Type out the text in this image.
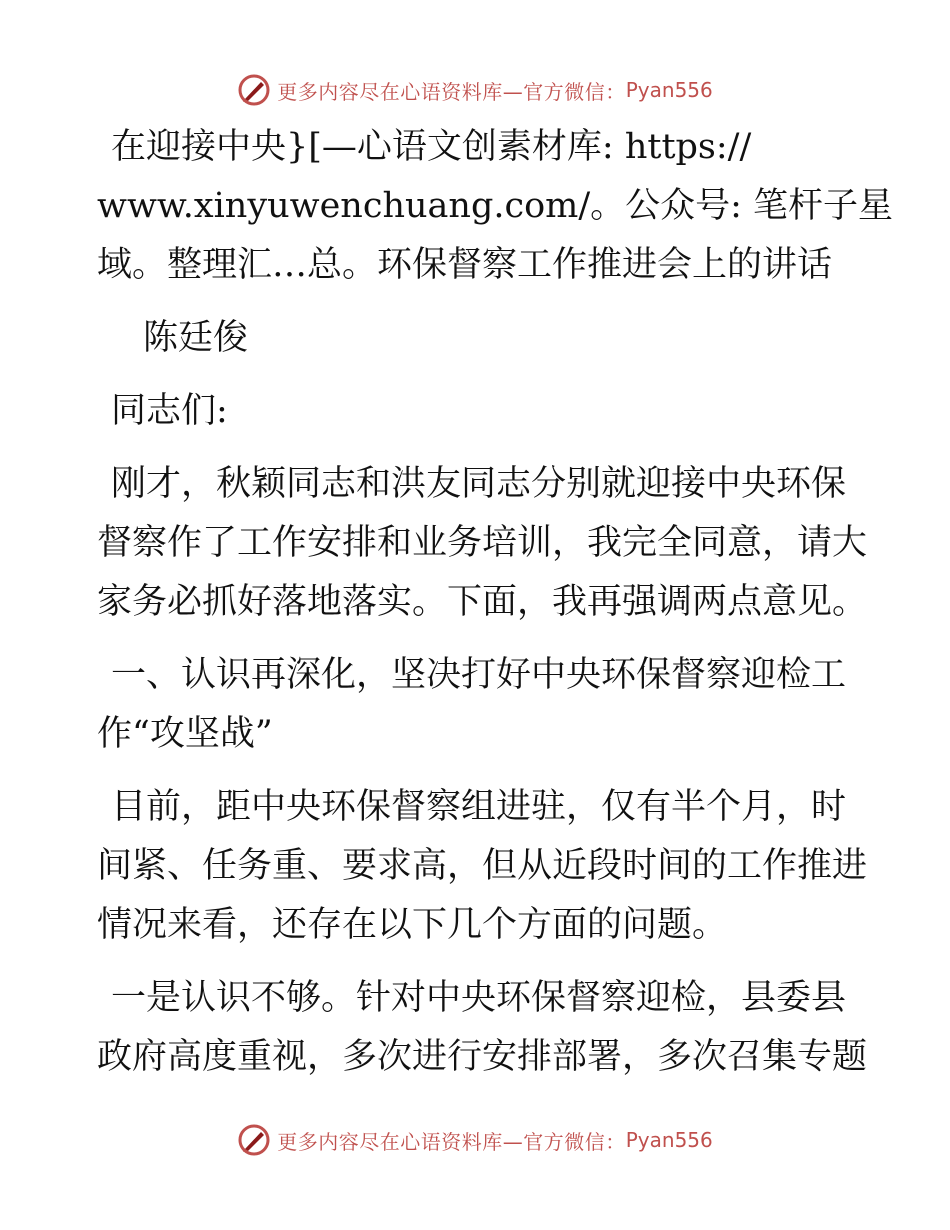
更多内容尽在心语资料库—官方微信： Pyan556
在迎接中央}[—心语文创素材库: https://
www.xinyuwenchuang.com/。公众号: 笔杆子星
域。整理汇…总。环保督察工作推进会上的讲话
陈廷俊
同志们:
刚才，秋颖同志和洪友同志分别就迎接中央环保
督察作了工作安排和业务培训，我完全同意，请大
家务必抓好落地落实。下面，我再强调两点意见。
一、认识再深化，坚决打好中央环保督察迎检工
作“攻坚战”
目前，距中央环保督察组进驻，仅有半个月，时
间紧、任务重、要求高，但从近段时间的工作推进
情况来看，还存在以下几个方面的问题。
一是认识不够。针对中央环保督察迎检，县委县
政府高度重视，多次进行安排部署，多次召集专题
更多内容尽在心语资料库—官方微信： Pyan556
